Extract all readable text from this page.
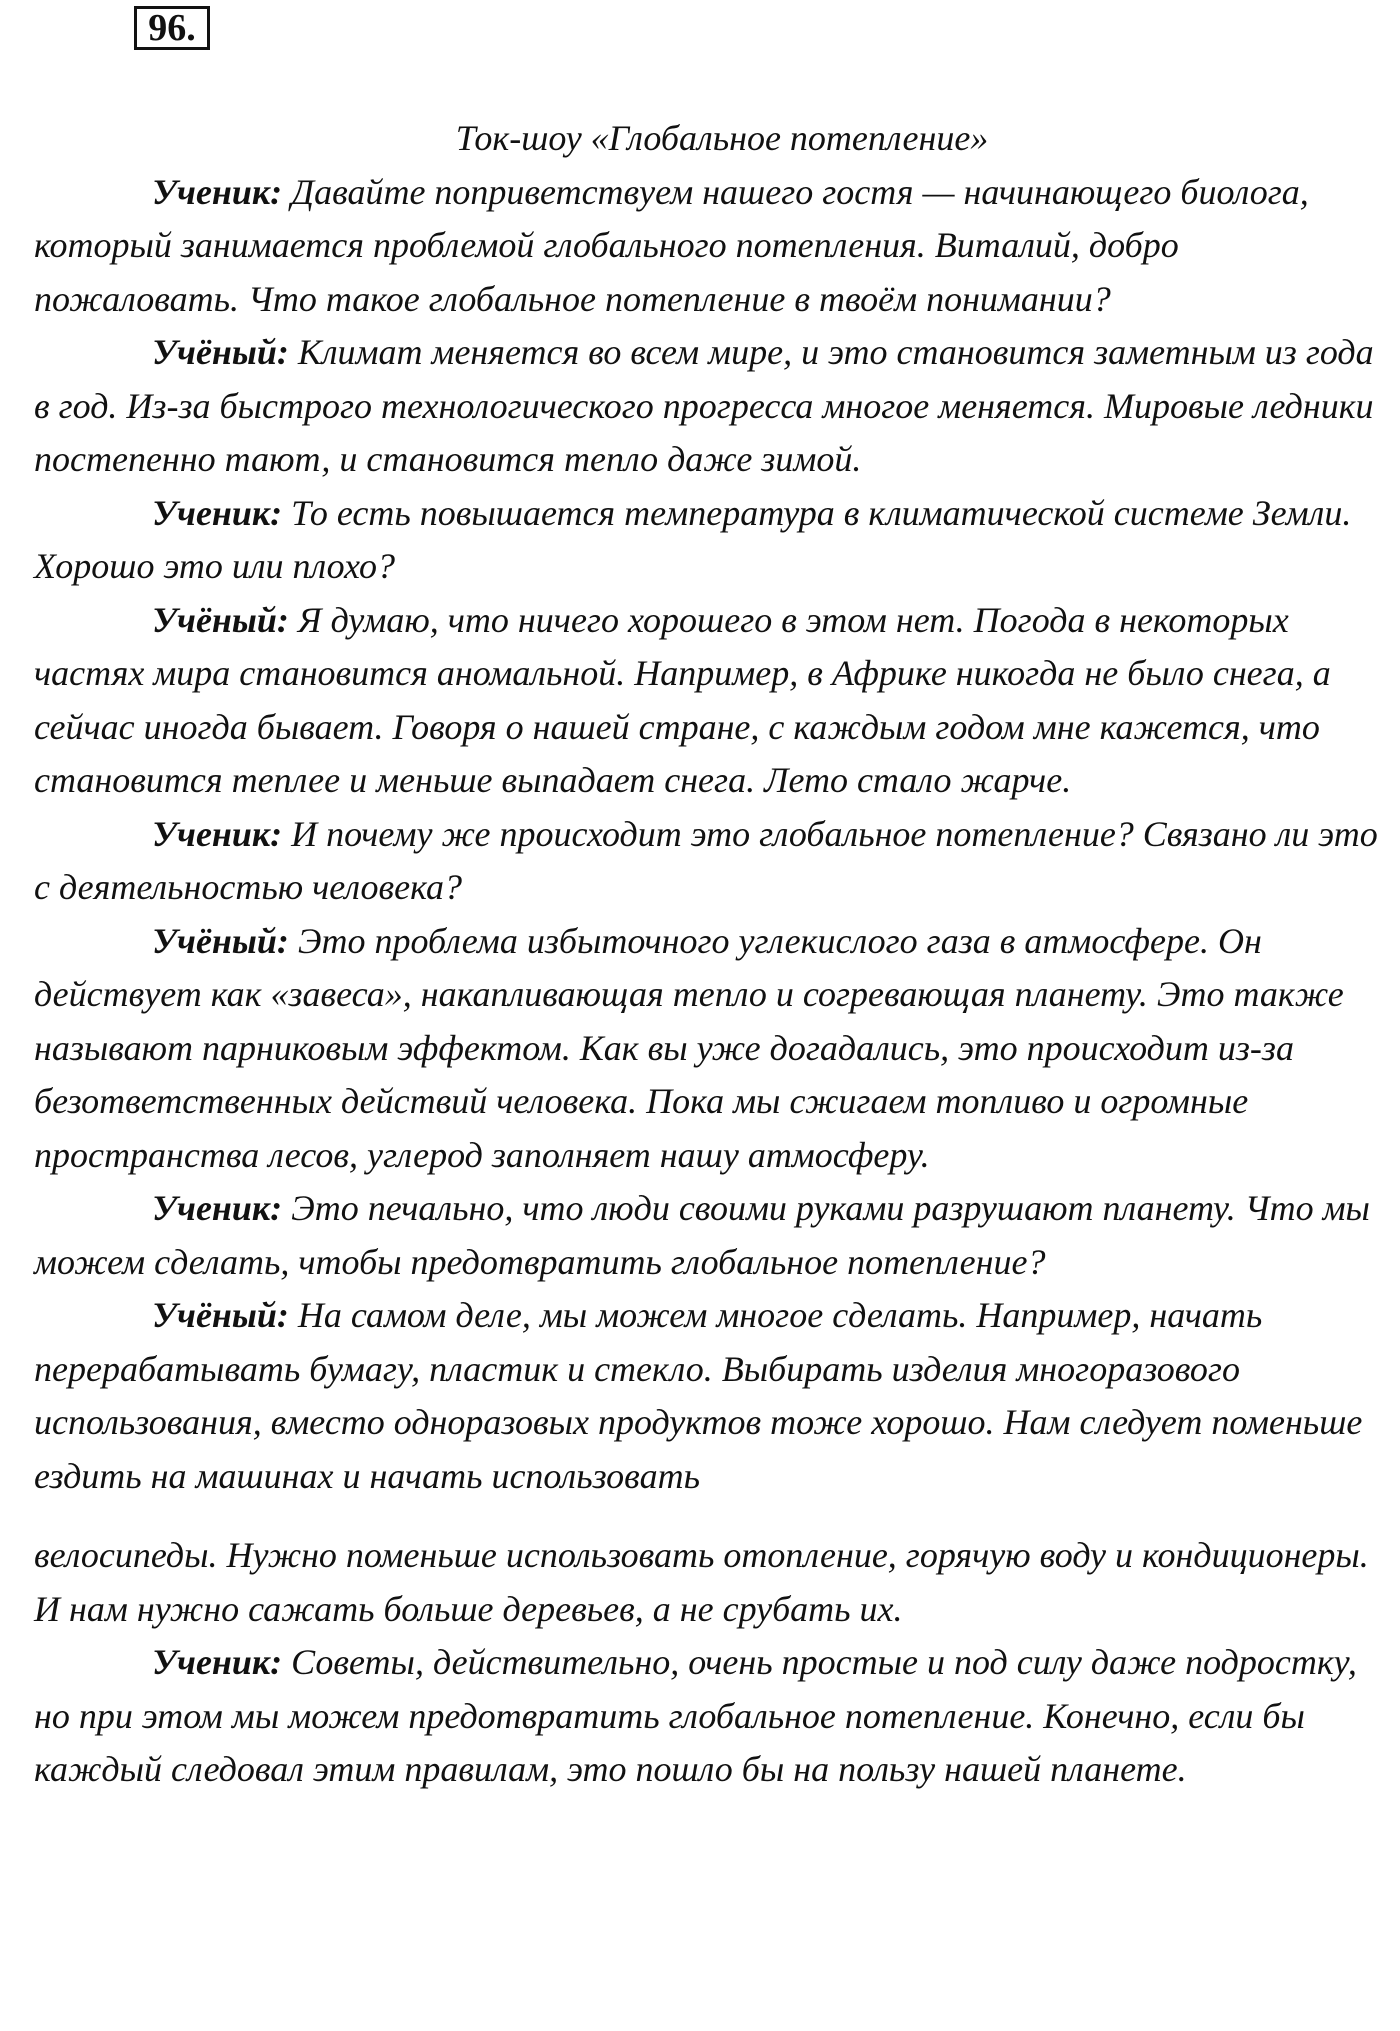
96.

Ток-шоу «Глобальное потепление»

Ученик: Давайте поприветствуем нашего гостя — начинающего биолога, который занимается проблемой глобального потепления. Виталий, добро пожаловать. Что такое глобальное потепление в твоём понимании?

Учёный: Климат меняется во всем мире, и это становится заметным из года в год. Из-за быстрого технологического прогресса многое меняется. Мировые ледники постепенно тают, и становится тепло даже зимой.

Ученик: То есть повышается температура в климатической системе Земли. Хорошо это или плохо?

Учёный: Я думаю, что ничего хорошего в этом нет. Погода в некоторых частях мира становится аномальной. Например, в Африке никогда не было снега, а сейчас иногда бывает. Говоря о нашей стране, с каждым годом мне кажется, что становится теплее и меньше выпадает снега. Лето стало жарче.

Ученик: И почему же происходит это глобальное потепление? Связано ли это с деятельностью человека?

Учёный: Это проблема избыточного углекислого газа в атмосфере. Он действует как «завеса», накапливающая тепло и согревающая планету. Это также называют парниковым эффектом. Как вы уже догадались, это происходит из-за безответственных действий человека. Пока мы сжигаем топливо и огромные пространства лесов, углерод заполняет нашу атмосферу.

Ученик: Это печально, что люди своими руками разрушают планету. Что мы можем сделать, чтобы предотвратить глобальное потепление?

Учёный: На самом деле, мы можем многое сделать. Например, начать перерабатывать бумагу, пластик и стекло. Выбирать изделия многоразового использования, вместо одноразовых продуктов тоже хорошо. Нам следует поменьше ездить на машинах и начать использовать

велосипеды. Нужно поменьше использовать отопление, горячую воду и кондиционеры. И нам нужно сажать больше деревьев, а не срубать их.

Ученик: Советы, действительно, очень простые и под силу даже подростку, но при этом мы можем предотвратить глобальное потепление. Конечно, если бы каждый следовал этим правилам, это пошло бы на пользу нашей планете.
